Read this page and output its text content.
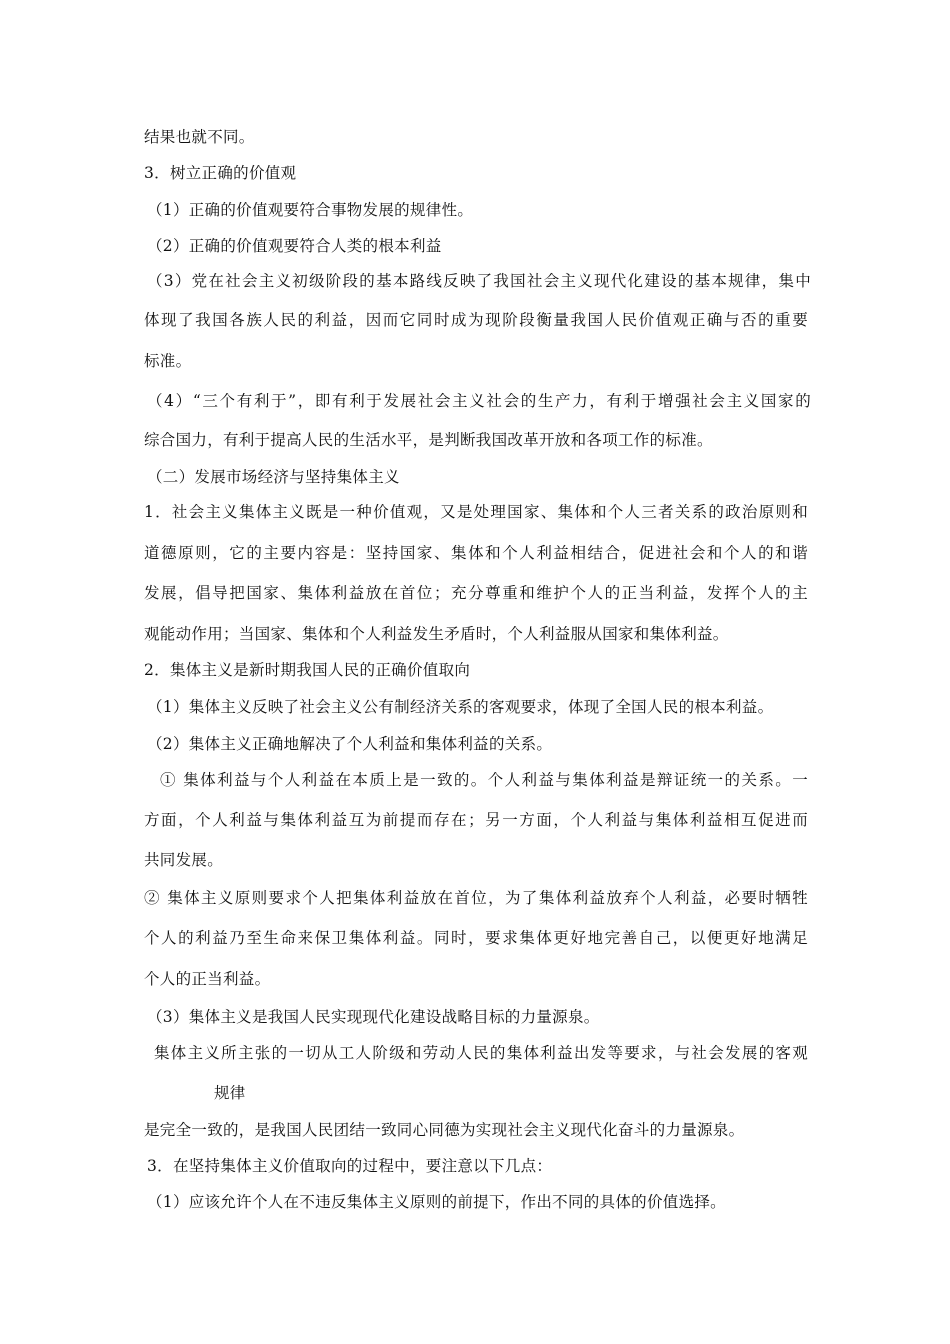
结果也就不同。
3．树立正确的价值观
（1）正确的价值观要符合事物发展的规律性。
（2）正确的价值观要符合人类的根本利益
（3）党在社会主义初级阶段的基本路线反映了我国社会主义现代化建设的基本规律，集中
体现了我国各族人民的利益，因而它同时成为现阶段衡量我国人民价值观正确与否的重要
标准。
（4）“三个有利于”，即有利于发展社会主义社会的生产力，有利于增强社会主义国家的
综合国力，有利于提高人民的生活水平，是判断我国改革开放和各项工作的标准。
（二）发展市场经济与坚持集体主义
1．社会主义集体主义既是一种价值观，又是处理国家、集体和个人三者关系的政治原则和
道德原则，它的主要内容是：坚持国家、集体和个人利益相结合，促进社会和个人的和谐
发展，倡导把国家、集体利益放在首位；充分尊重和维护个人的正当利益，发挥个人的主
观能动作用；当国家、集体和个人利益发生矛盾时，个人利益服从国家和集体利益。
2．集体主义是新时期我国人民的正确价值取向
（1）集体主义反映了社会主义公有制经济关系的客观要求，体现了全国人民的根本利益。
（2）集体主义正确地解决了个人利益和集体利益的关系。
① 集体利益与个人利益在本质上是一致的。个人利益与集体利益是辩证统一的关系。一
方面，个人利益与集体利益互为前提而存在；另一方面，个人利益与集体利益相互促进而
共同发展。
② 集体主义原则要求个人把集体利益放在首位，为了集体利益放弃个人利益，必要时牺牲
个人的利益乃至生命来保卫集体利益。同时，要求集体更好地完善自己，以便更好地满足
个人的正当利益。
（3）集体主义是我国人民实现现代化建设战略目标的力量源泉。
集体主义所主张的一切从工人阶级和劳动人民的集体利益出发等要求，与社会发展的客观
规律
是完全一致的，是我国人民团结一致同心同德为实现社会主义现代化奋斗的力量源泉。
3．在坚持集体主义价值取向的过程中，要注意以下几点：
（1）应该允许个人在不违反集体主义原则的前提下，作出不同的具体的价值选择。
